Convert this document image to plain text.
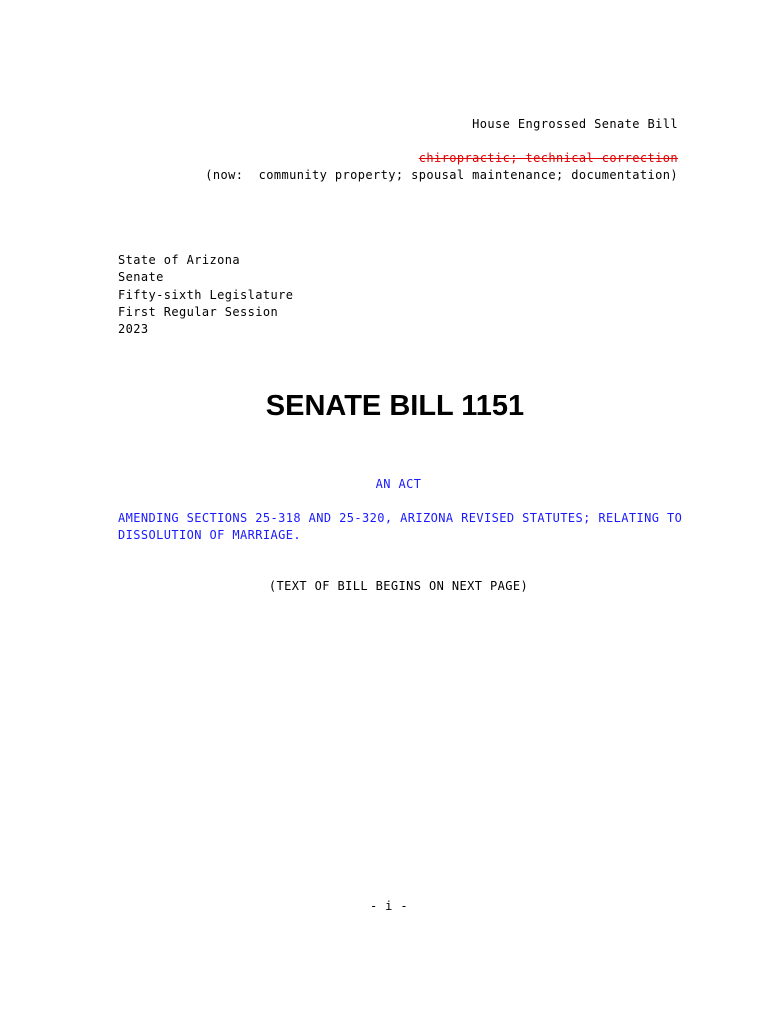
House Engrossed Senate Bill
chiropractic; technical correction
(now:  community property; spousal maintenance; documentation)
State of Arizona
Senate
Fifty-sixth Legislature
First Regular Session
2023
SENATE BILL 1151
AN ACT
AMENDING SECTIONS 25-318 AND 25-320, ARIZONA REVISED STATUTES; RELATING TO
DISSOLUTION OF MARRIAGE.
(TEXT OF BILL BEGINS ON NEXT PAGE)
- i -
